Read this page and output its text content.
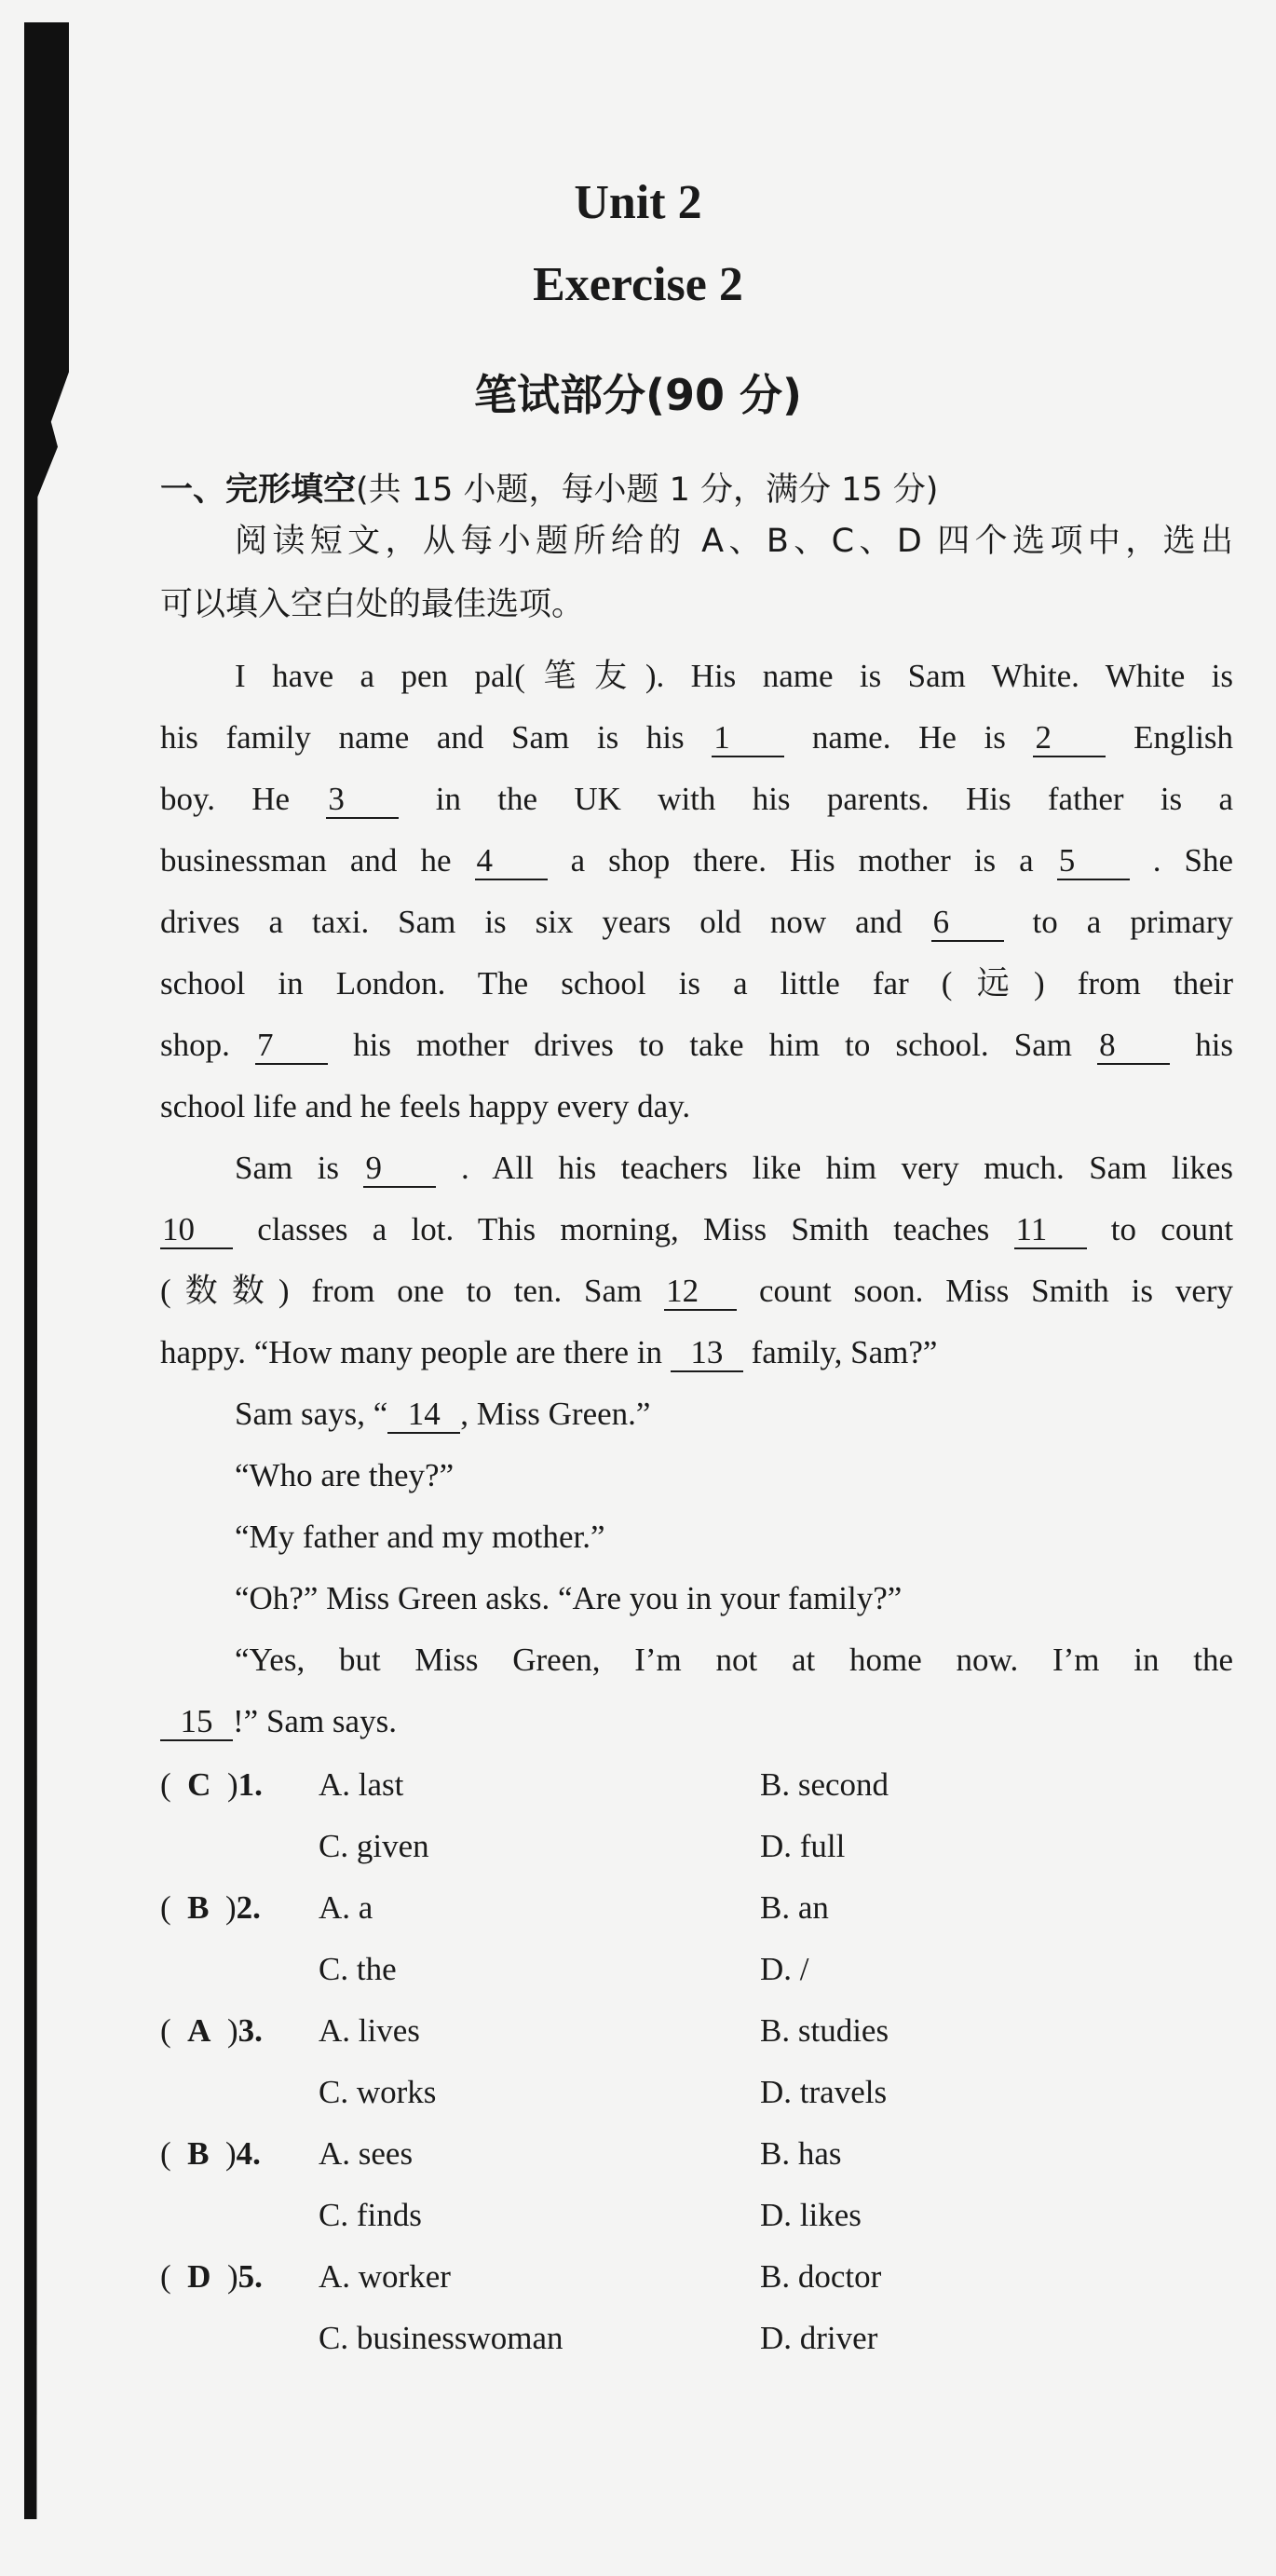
Unit 2
Exercise 2
笔试部分(90 分)
一、完形填空(共 15 小题，每小题 1 分，满分 15 分)
阅读短文，从每小题所给的 A、B、C、D 四个选项中，选出
可以填入空白处的最佳选项。
I have a pen pal(笔友). His name is Sam White. White is
his family name and Sam is his 1	name. He is 2	English
boy. He 3	in the UK with his parents. His father is a
businessman and he 4 a shop there. His mother is a 5 . She
drives a taxi. Sam is six years old now and 6	to a primary
school in London. The school is a little far (远) from their
shop. 7 his mother drives to take him to school. Sam 8 his
school life and he feels happy every day.
Sam is 9 . All his teachers like him very much. Sam likes
10 classes a lot. This morning, Miss Smith teaches 11 to count
(数数) from one to ten. Sam 12 count soon. Miss Smith is very
happy. “How many people are there in 13 family, Sam?”
Sam says, “ 14 , Miss Green.”
“Who are they?”
“My father and my mother.”
“Oh?” Miss Green asks. “Are you in your family?”
“Yes, but Miss Green, I’m not at home now. I’m in the
15 !” Sam says.
( C )1. A. last	B. second
C. given	D. full
( B )2. A. a	B. an
C. the	D. /
( A )3. A. lives	B. studies
C. works	D. travels
( B )4. A. sees	B. has
C. finds	D. likes
( D )5. A. worker	B. doctor
C. businesswoman	D. driver
